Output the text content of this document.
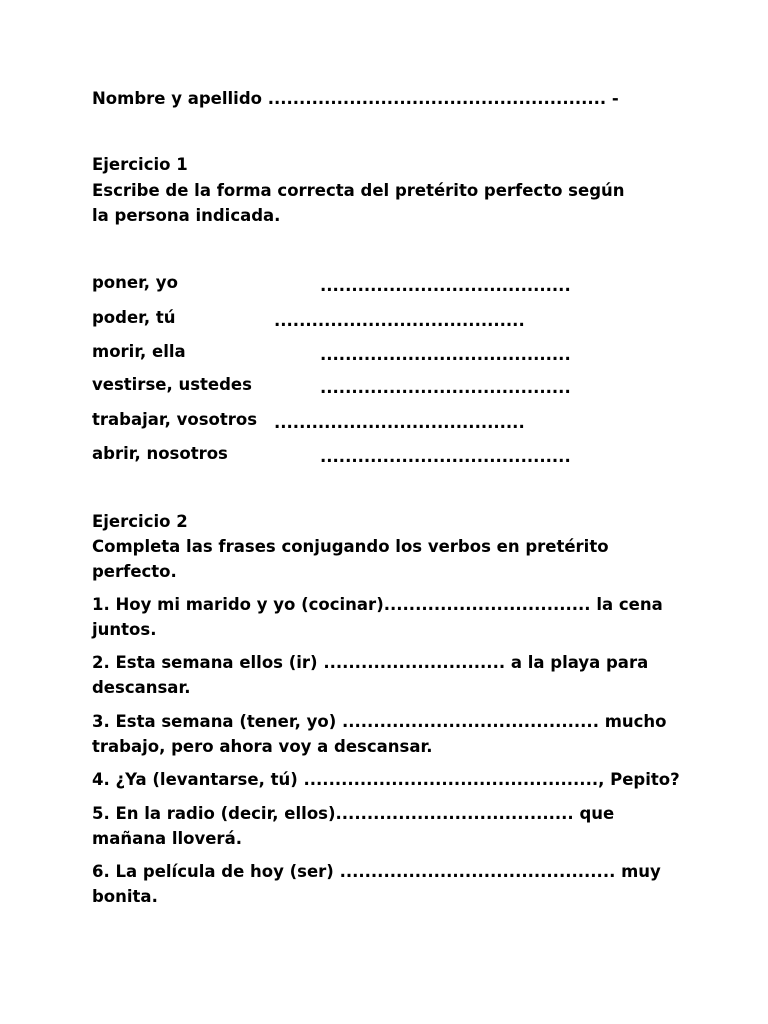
Nombre y apellido ...................................................... -
Ejercicio 1
Escribe de la forma correcta del pretérito perfecto según
la persona indicada.
poner, yo	........................................
poder, tú	........................................
morir, ella	........................................
vestirse, ustedes	........................................
trabajar, vosotros ........................................
abrir, nosotros	........................................
Ejercicio 2
Completa las frases conjugando los verbos en pretérito
perfecto.
1. Hoy mi marido y yo (cocinar)................................. la cena
juntos.
2. Esta semana ellos (ir) ............................. a la playa para
descansar.
3. Esta semana (tener, yo) ......................................... mucho
trabajo, pero ahora voy a descansar.
4. ¿Ya (levantarse, tú) ..............................................., Pepito?
5. En la radio (decir, ellos)...................................... que
mañana lloverá.
6. La película de hoy (ser) ............................................ muy
bonita.
